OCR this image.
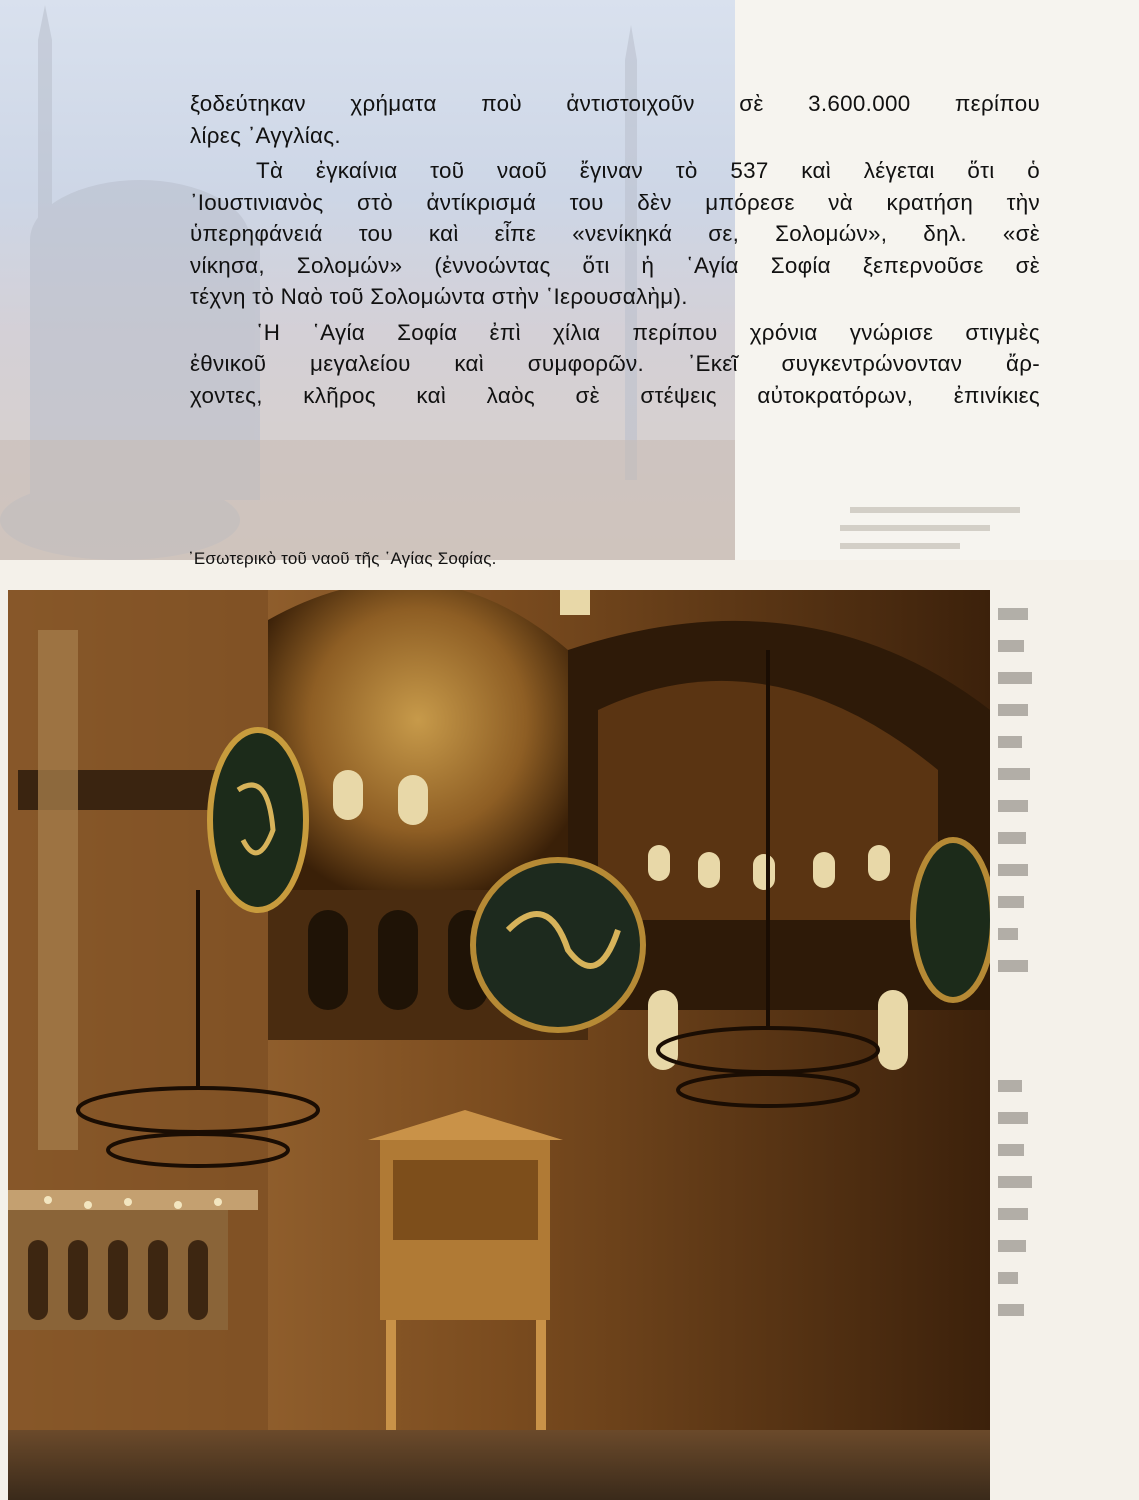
ξοδεύτηκαν χρήματα ποὺ ἀντιστοιχοῦν σὲ 3.600.000 περίπου
λίρες ᾽Αγγλίας.

Τὰ ἐγκαίνια τοῦ ναοῦ ἔγιναν τὸ 537 καὶ λέγεται ὅτι ὁ
᾽Ιουστινιανὸς στὸ ἀντίκρισμά του δὲν μπόρεσε νὰ κρατήση τὴν
ὑπερηφάνειά του καὶ εἶπε «νενίκηκά σε, Σολομών», δηλ. «σὲ
νίκησα, Σολομών» (ἐννοώντας ὅτι ἡ ῾Αγία Σοφία ξεπερνοῦσε σὲ
τέχνη τὸ Ναὸ τοῦ Σολομώντα στὴν ῾Ιερουσαλὴμ).

῾Η ῾Αγία Σοφία ἐπὶ χίλια περίπου χρόνια γνώρισε στιγμὲς
ἐθνικοῦ μεγαλείου καὶ συμφορῶν. ᾽Εκεῖ συγκεντρώνονταν ἄρ-
χοντες, κλῆρος καὶ λαὸς σὲ στέψεις αὐτοκρατόρων, ἐπινίκιες

᾽Εσωτερικὸ τοῦ ναοῦ τῆς ῾Αγίας Σοφίας.
